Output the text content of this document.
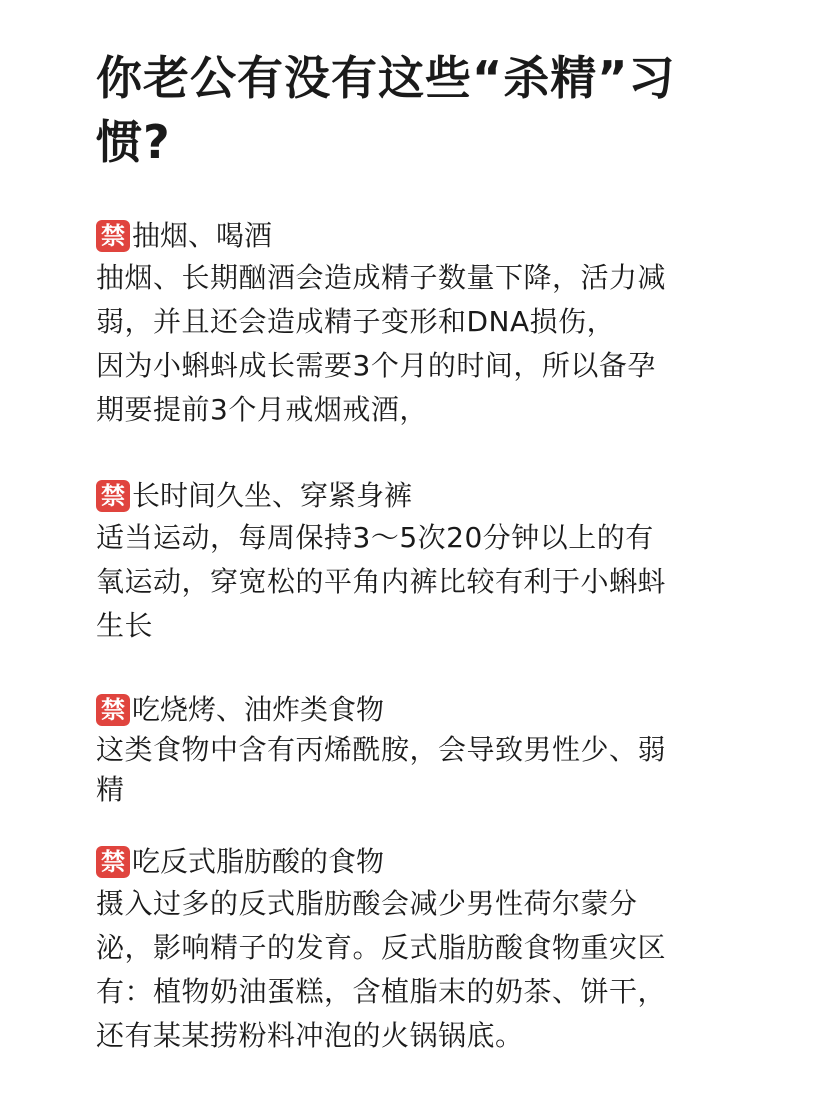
你老公有没有这些“杀精”习
惯?
禁 抽烟、喝酒
抽烟、长期酗酒会造成精子数量下降，活力减
弱，并且还会造成精子变形和DNA损伤，
因为小蝌蚪成长需要3个月的时间，所以备孕
期要提前3个月戒烟戒酒，
禁 长时间久坐、穿紧身裤
适当运动，每周保持3～5次20分钟以上的有
氧运动，穿宽松的平角内裤比较有利于小蝌蚪
生长
禁 吃烧烤、油炸类食物
这类食物中含有丙烯酰胺，会导致男性少、弱
精
禁 吃反式脂肪酸的食物
摄入过多的反式脂肪酸会减少男性荷尔蒙分
泌，影响精子的发育。反式脂肪酸食物重灾区
有：植物奶油蛋糕，含植脂末的奶茶、饼干，
还有某某捞粉料冲泡的火锅锅底。
